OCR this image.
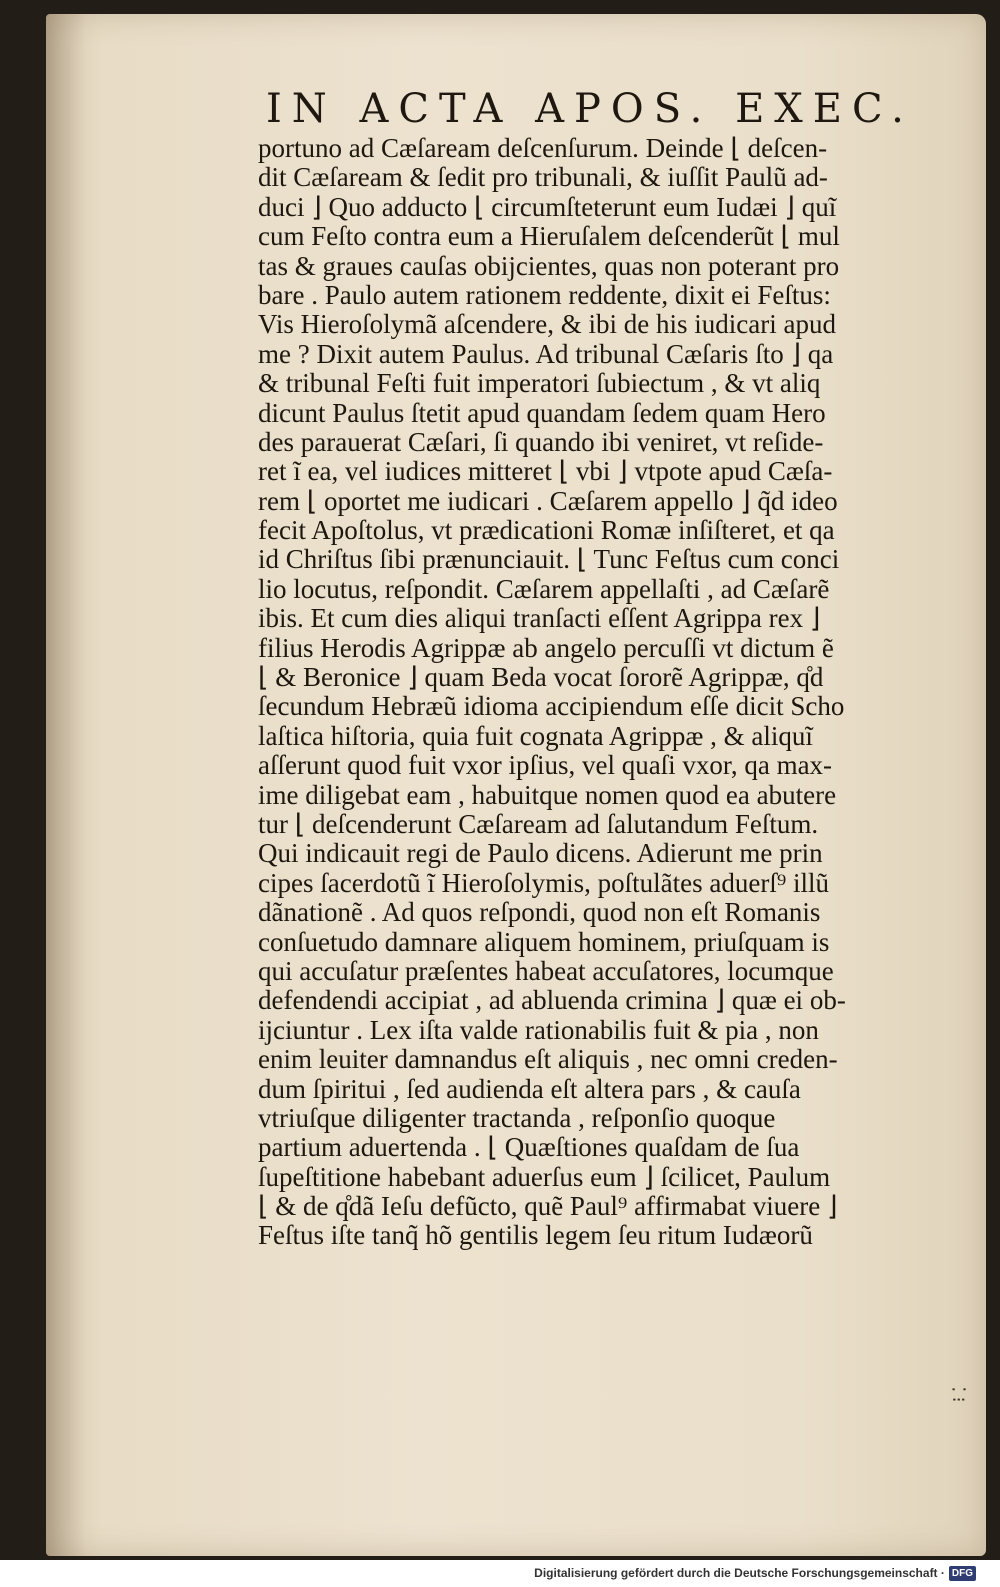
IN ACTA APOS. EXEC.
portuno ad Cæſaream deſcenſurum. Deinde ⌊ deſcen-
dit Cæſaream & ſedit pro tribunali, & iuſſit Paulũ ad-
duci ⌋ Quo adducto ⌊ circumſteterunt eum Iudæi ⌋ quĩ
cum Feſto contra eum a Hieruſalem deſcenderũt ⌊ mul
tas & graues cauſas obijcientes, quas non poterant pro
bare . Paulo autem rationem reddente, dixit ei Feſtus:
Vis Hieroſolymã aſcendere, & ibi de his iudicari apud
me ? Dixit autem Paulus. Ad tribunal Cæſaris ſto ⌋ qa
& tribunal Feſti fuit imperatori ſubiectum , & vt aliq
dicunt Paulus ſtetit apud quandam ſedem quam Hero
des parauerat Cæſari, ſi quando ibi veniret, vt reſide-
ret ĩ ea, vel iudices mitteret ⌊ vbi ⌋ vtpote apud Cæſa-
rem ⌊ oportet me iudicari . Cæſarem appello ⌋ q̃d ideo
fecit Apoſtolus, vt prædicationi Romæ inſiſteret, et qa
id Chriſtus ſibi prænunciauit. ⌊ Tunc Feſtus cum conci
lio locutus, reſpondit. Cæſarem appellaſti , ad Cæſarẽ
ibis. Et cum dies aliqui tranſacti eſſent Agrippa rex ⌋
filius Herodis Agrippæ ab angelo percuſſi vt dictum ẽ
⌊ & Beronice ⌋ quam Beda vocat ſororẽ Agrippæ, q̊d
ſecundum Hebræũ idioma accipiendum eſſe dicit Scho
laſtica hiſtoria, quia fuit cognata Agrippæ , & aliquĩ
aſſerunt quod fuit vxor ipſius, vel quaſi vxor, qa max-
ime diligebat eam , habuitque nomen quod ea abutere
tur ⌊ deſcenderunt Cæſaream ad ſalutandum Feſtum.
Qui indicauit regi de Paulo dicens. Adierunt me prin
cipes ſacerdotũ ĩ Hieroſolymis, poſtulãtes aduerſ⁹ illũ
dãnationẽ . Ad quos reſpondi, quod non eſt Romanis
conſuetudo damnare aliquem hominem, priuſquam is
qui accuſatur præſentes habeat accuſatores, locumque
defendendi accipiat , ad abluenda crimina ⌋ quæ ei ob-
ijciuntur . Lex iſta valde rationabilis fuit & pia , non
enim leuiter damnandus eſt aliquis , nec omni creden-
dum ſpiritui , ſed audienda eſt altera pars , & cauſa
vtriuſque diligenter tractanda , reſponſio quoque
partium aduertenda . ⌊ Quæſtiones quaſdam de ſua
ſupeſtitione habebant aduerſus eum ⌋ ſcilicet, Paulum
⌊ & de q̊dã Ieſu defũcto, quẽ Paul⁹ affirmabat viuere ⌋
Feſtus iſte tanq̃ hõ gentilis legem ſeu ritum Iudæorũ
⁚ ⁝
Digitalisierung gefördert durch die Deutsche Forschungsgemeinschaft · DFG
